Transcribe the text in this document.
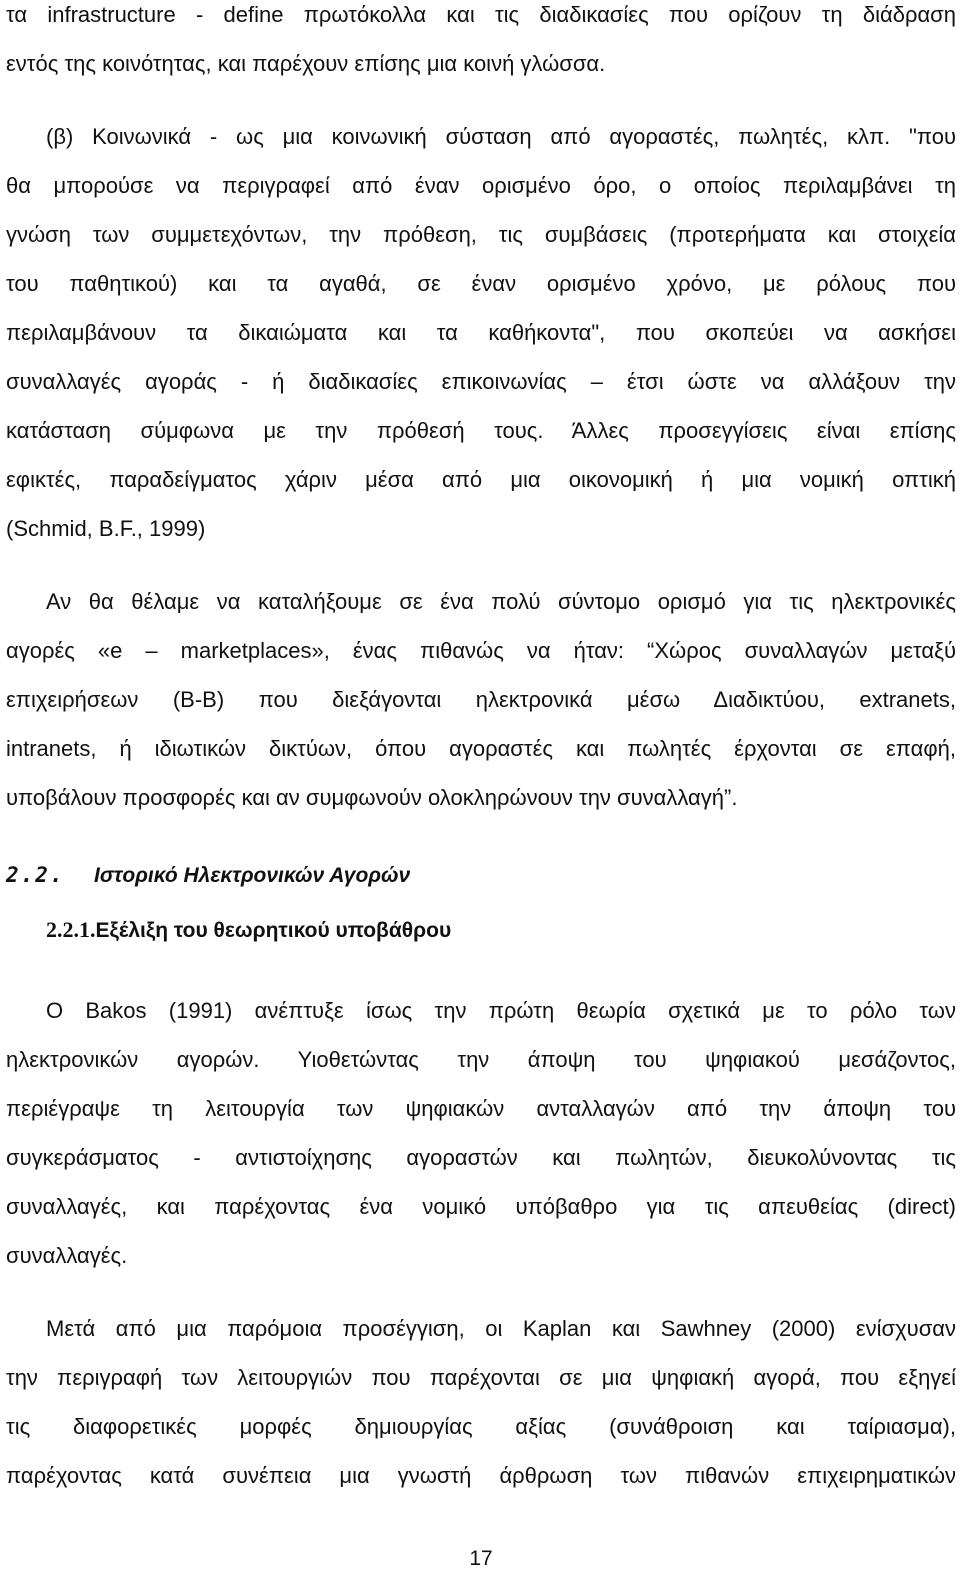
τα infrastructure - define πρωτόκολλα και τις διαδικασίες που ορίζουν τη διάδραση
εντός της κοινότητας, και παρέχουν επίσης μια κοινή γλώσσα.
(β) Κοινωνικά - ως μια κοινωνική σύσταση από αγοραστές, πωλητές, κλπ. "που
θα μπορούσε να περιγραφεί από έναν ορισμένο όρο, ο οποίος περιλαμβάνει τη
γνώση των συμμετεχόντων, την πρόθεση, τις συμβάσεις (προτερήματα και στοιχεία
του παθητικού) και τα αγαθά, σε έναν ορισμένο χρόνο, με ρόλους που
περιλαμβάνουν τα δικαιώματα και τα καθήκοντα", που σκοπεύει να ασκήσει
συναλλαγές αγοράς - ή διαδικασίες επικοινωνίας – έτσι ώστε να αλλάξουν την
κατάσταση σύμφωνα με την πρόθεσή τους. Άλλες προσεγγίσεις είναι επίσης
εφικτές, παραδείγματος χάριν μέσα από μια οικονομική ή μια νομική οπτική
(Schmid, B.F., 1999)
Αν θα θέλαμε να καταλήξουμε σε ένα πολύ σύντομο ορισμό για τις ηλεκτρονικές
αγορές «e – marketplaces», ένας πιθανώς να ήταν: “Χώρος συναλλαγών μεταξύ
επιχειρήσεων (B-B) που διεξάγονται ηλεκτρονικά μέσω Διαδικτύου, extranets,
intranets, ή ιδιωτικών δικτύων, όπου αγοραστές και πωλητές έρχονται σε επαφή,
υποβάλουν προσφορές και αν συμφωνούν ολοκληρώνουν την συναλλαγή”.
2.2. Ιστορικό Ηλεκτρονικών Αγορών
2.2.1.Εξέλιξη του θεωρητικού υποβάθρου
Ο Bakos (1991) ανέπτυξε ίσως την πρώτη θεωρία σχετικά με το ρόλο των
ηλεκτρονικών αγορών. Υιοθετώντας την άποψη του ψηφιακού μεσάζοντος,
περιέγραψε τη λειτουργία των ψηφιακών ανταλλαγών από την άποψη του
συγκεράσματος - αντιστοίχησης αγοραστών και πωλητών, διευκολύνοντας τις
συναλλαγές, και παρέχοντας ένα νομικό υπόβαθρο για τις απευθείας (direct)
συναλλαγές.
Μετά από μια παρόμοια προσέγγιση, οι Kaplan και Sawhney (2000) ενίσχυσαν
την περιγραφή των λειτουργιών που παρέχονται σε μια ψηφιακή αγορά, που εξηγεί
τις διαφορετικές μορφές δημιουργίας αξίας (συνάθροιση και ταίριασμα),
παρέχοντας κατά συνέπεια μια γνωστή άρθρωση των πιθανών επιχειρηματικών
17
